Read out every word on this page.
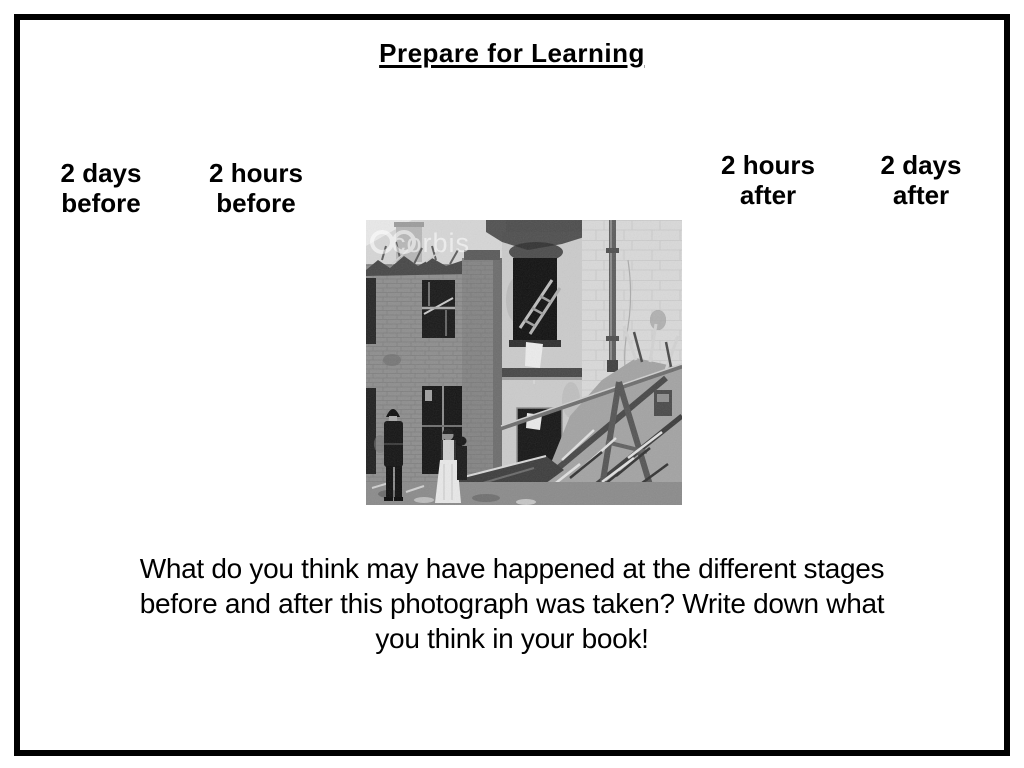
Prepare for Learning
2 days
before
2 hours
before
2 hours
after
2 days
after
corbis
What do you think may have happened at the different stages
before and after this photograph was taken? Write down what
you think in your book!
